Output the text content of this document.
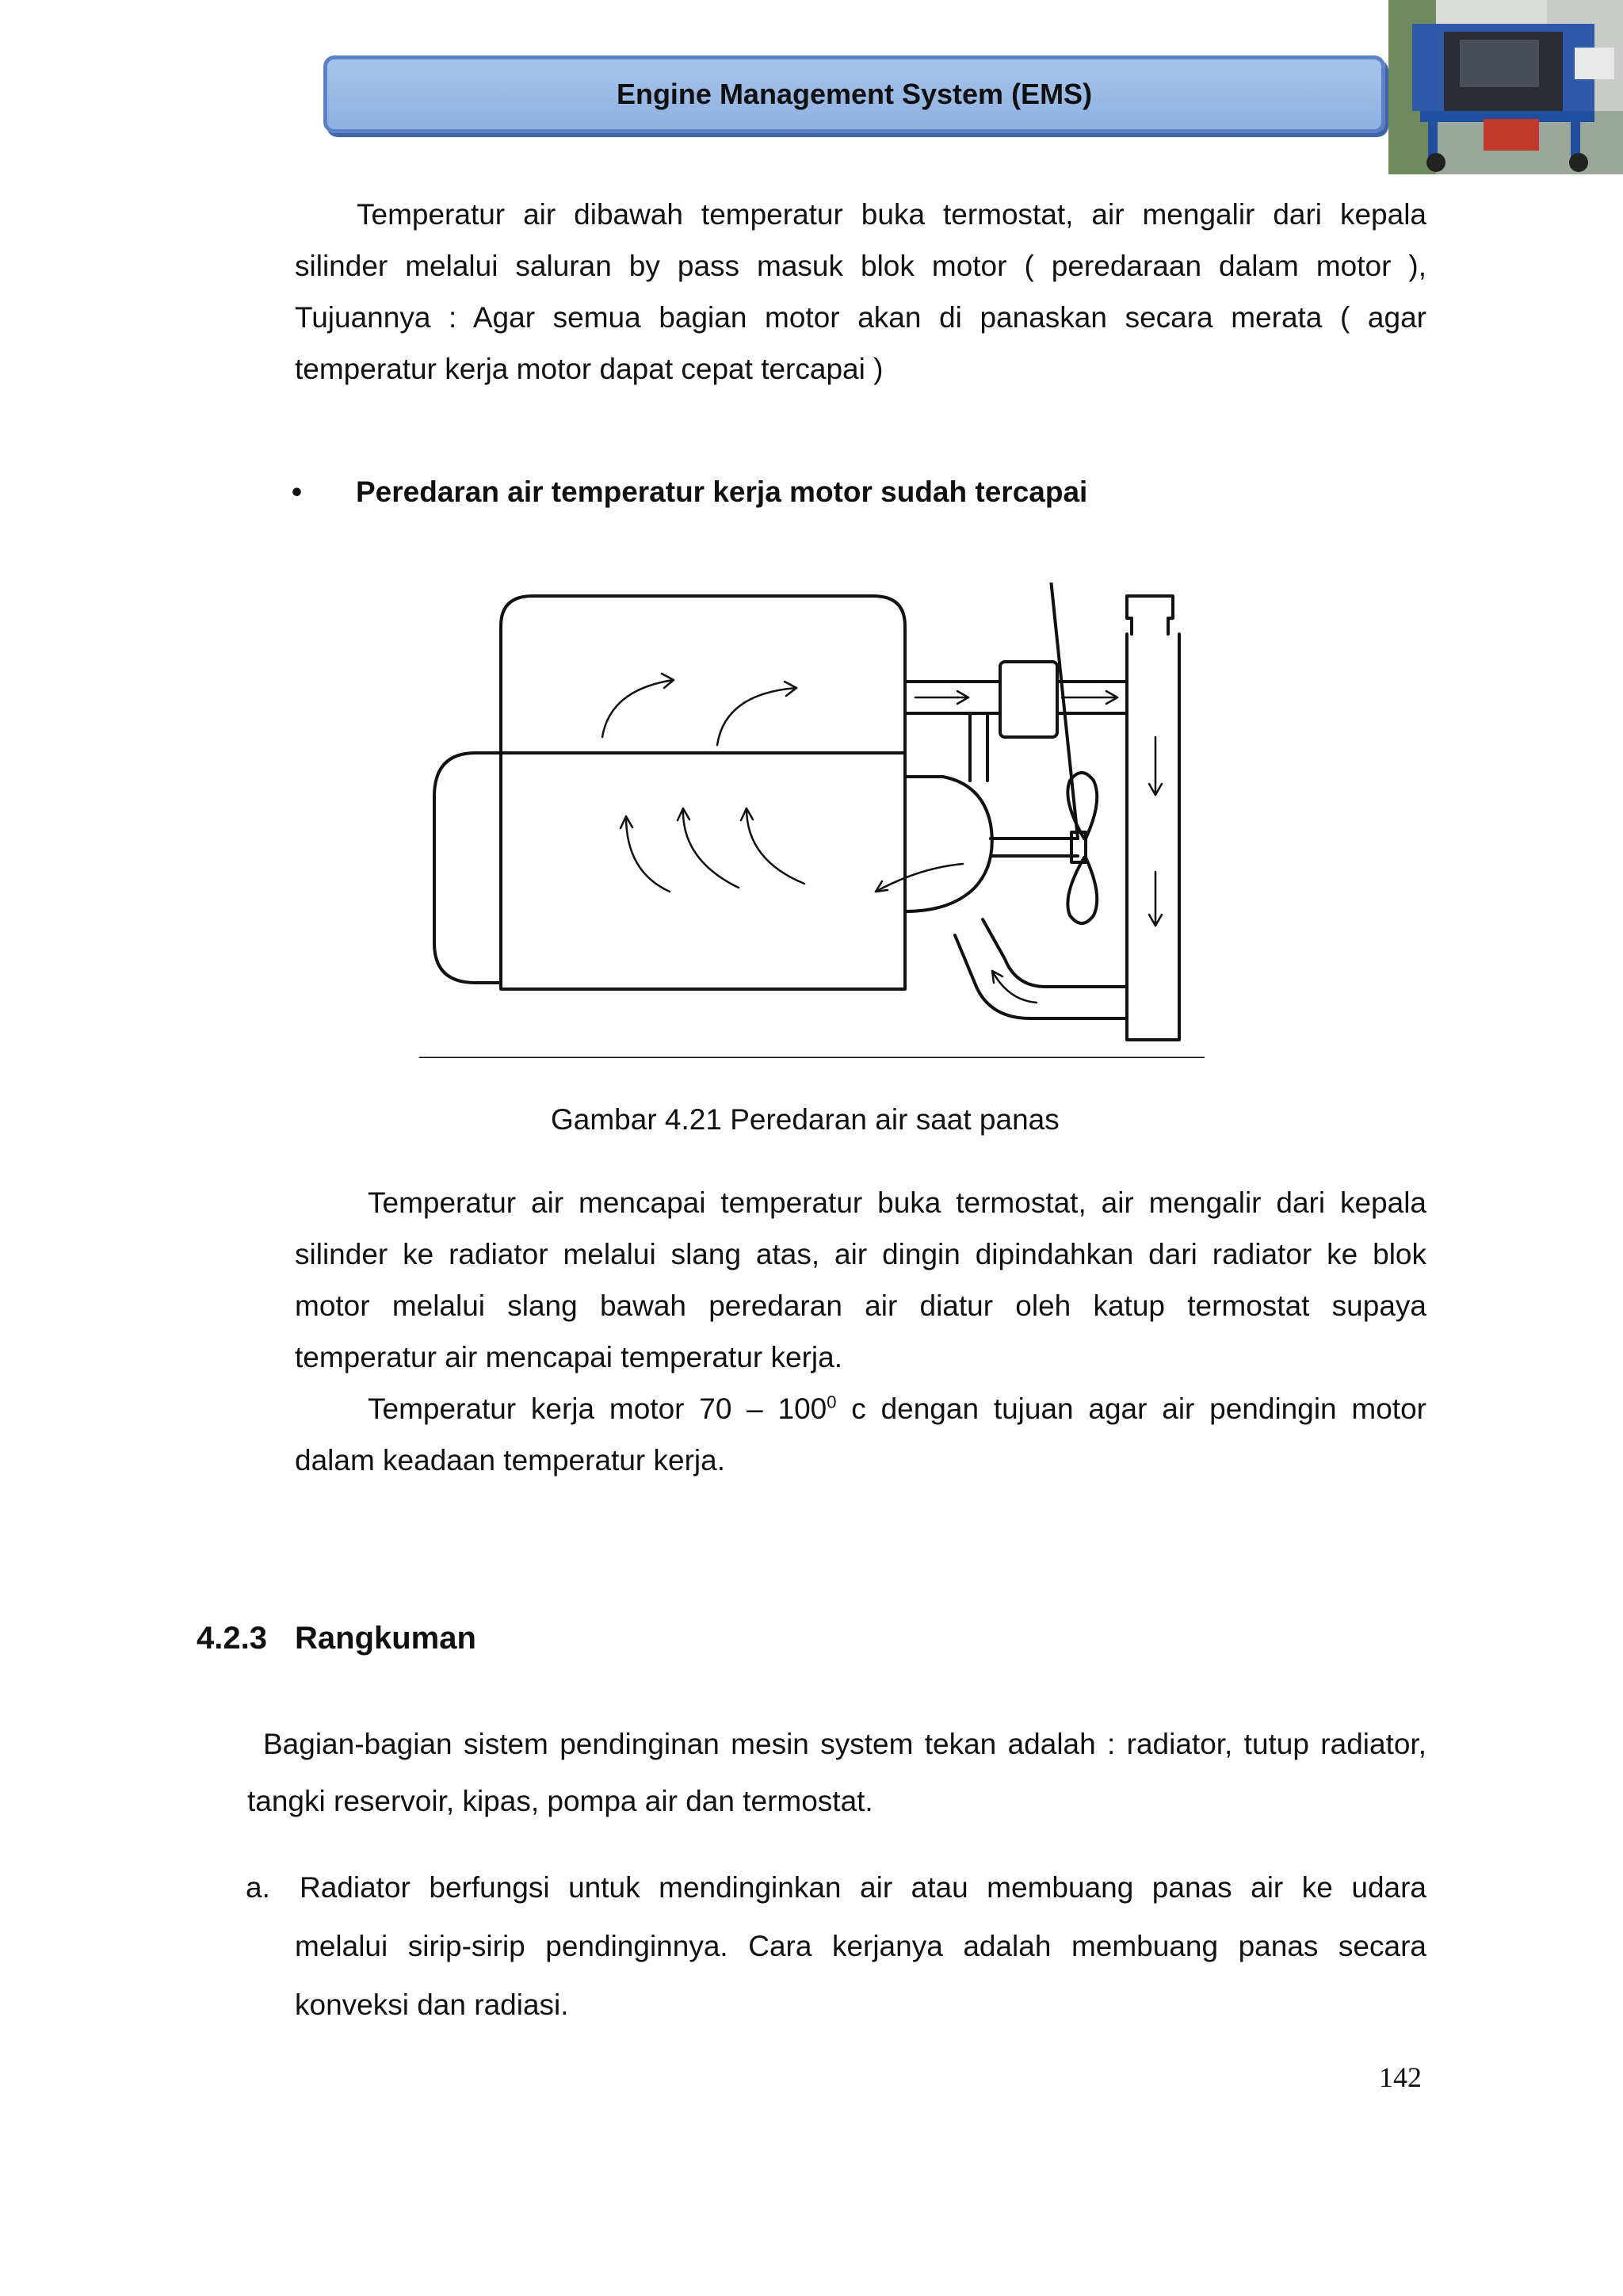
Engine Management System (EMS)
Temperatur air dibawah temperatur buka termostat, air mengalir dari kepala
silinder melalui saluran by pass masuk blok motor ( peredaraan dalam motor ),
Tujuannya : Agar semua bagian motor akan di panaskan secara merata ( agar
temperatur kerja motor dapat cepat tercapai )
• Peredaran air temperatur kerja motor sudah tercapai
Gambar 4.21 Peredaran air saat panas
Temperatur air mencapai temperatur buka termostat, air mengalir dari kepala
silinder ke radiator melalui slang atas, air dingin dipindahkan dari radiator ke blok
motor melalui slang bawah peredaran air diatur oleh katup termostat supaya
temperatur air mencapai temperatur kerja.
Temperatur kerja motor $70 - 100^0$ c dengan tujuan agar air pendingin motor
dalam keadaan temperatur kerja.
4.2.3 Rangkuman
Bagian-bagian sistem pendinginan mesin system tekan adalah : radiator, tutup radiator,
tangki reservoir, kipas, pompa air dan termostat.
a. Radiator berfungsi untuk mendinginkan air atau membuang panas air ke udara
melalui sirip-sirip pendinginnya. Cara kerjanya adalah membuang panas secara
konveksi dan radiasi.
142
